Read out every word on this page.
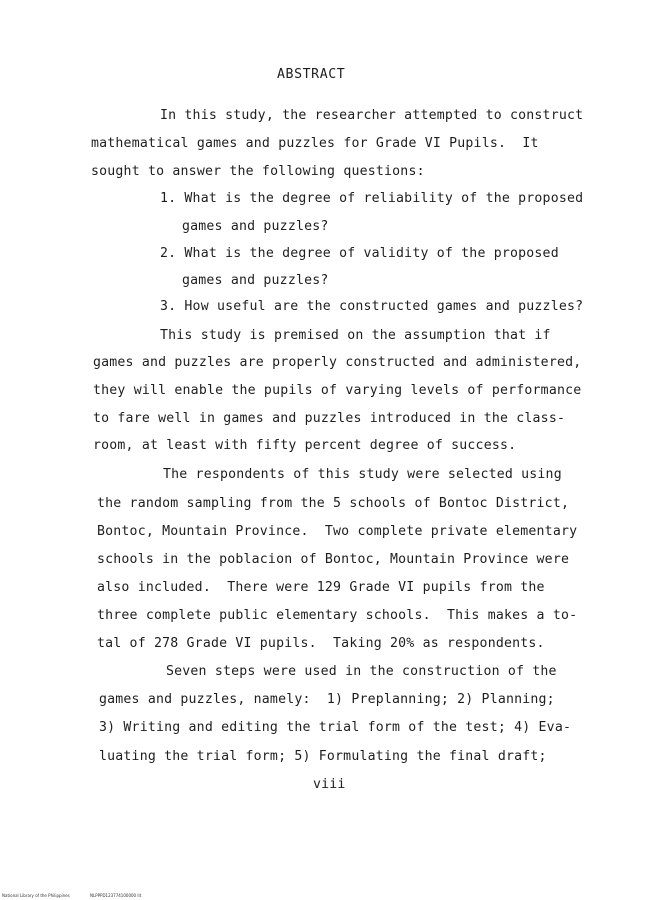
ABSTRACT
In this study, the researcher attempted to construct
mathematical games and puzzles for Grade VI Pupils.  It
sought to answer the following questions:
1. What is the degree of reliability of the proposed
games and puzzles?
2. What is the degree of validity of the proposed
games and puzzles?
3. How useful are the constructed games and puzzles?
This study is premised on the assumption that if
games and puzzles are properly constructed and administered,
they will enable the pupils of varying levels of performance
to fare well in games and puzzles introduced in the class-
room, at least with fifty percent degree of success.
The respondents of this study were selected using
the random sampling from the 5 schools of Bontoc District,
Bontoc, Mountain Province.  Two complete private elementary
schools in the poblacion of Bontoc, Mountain Province were
also included.  There were 129 Grade VI pupils from the
three complete public elementary schools.  This makes a to-
tal of 278 Grade VI pupils.  Taking 20% as respondents.
Seven steps were used in the construction of the
games and puzzles, namely:  1) Preplanning; 2) Planning;
3) Writing and editing the trial form of the test; 4) Eva-
luating the trial form; 5) Formulating the final draft;
viii
National Library of the Philippines	NLPPPD123774100000 lit
